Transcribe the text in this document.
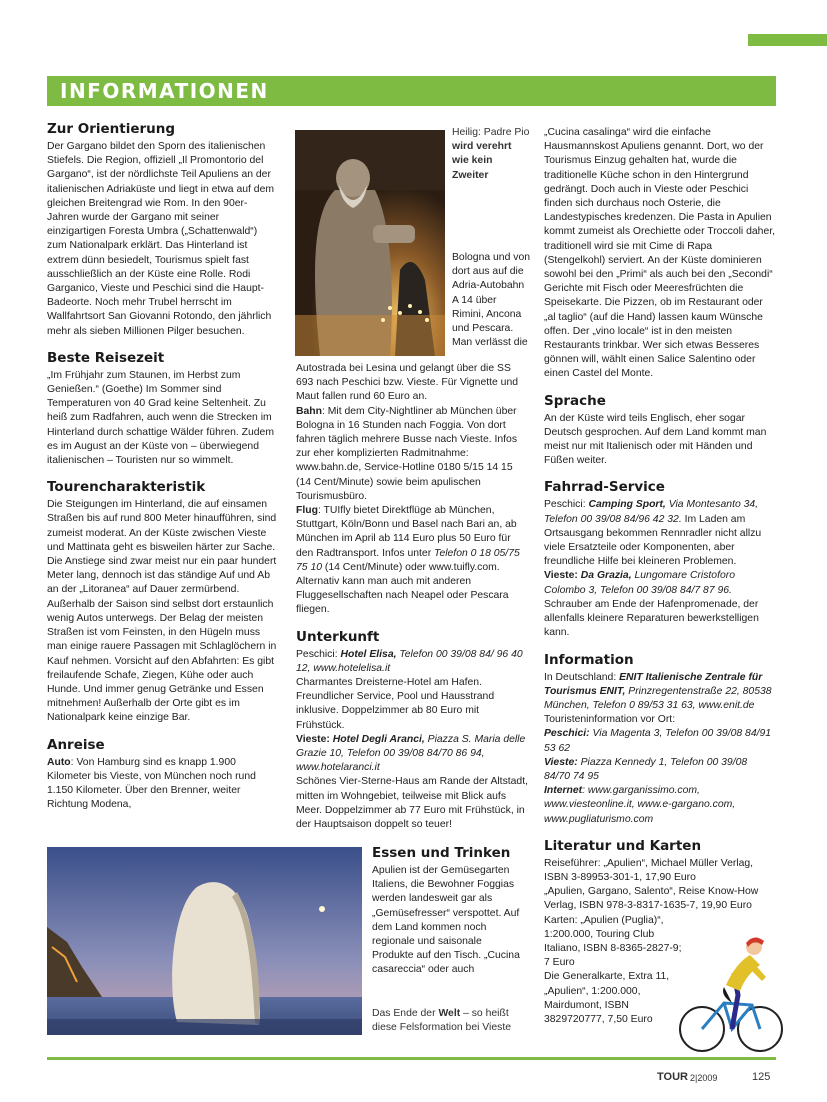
INFORMATIONEN
Zur Orientierung

Der Gargano bildet den Sporn des italienischen Stiefels. Die Region, offiziell „Il Promontorio del Gargano“, ist der nördlichste Teil Apuliens an der italienischen Adriaküste und liegt in etwa auf dem gleichen Breitengrad wie Rom. In den 90er-Jahren wurde der Gargano mit seiner einzigartigen Foresta Umbra („Schattenwald“) zum Nationalpark erklärt. Das Hinterland ist extrem dünn besiedelt, Tourismus spielt fast ausschließlich an der Küste eine Rolle. Rodi Garganico, Vieste und Peschici sind die Haupt-Badeorte. Noch mehr Trubel herrscht im Wallfahrtsort San Giovanni Rotondo, den jährlich mehr als sieben Millionen Pilger besuchen.

Beste Reisezeit

„Im Frühjahr zum Staunen, im Herbst zum Genießen.“ (Goethe) Im Sommer sind Temperaturen von 40 Grad keine Seltenheit. Zu heiß zum Radfahren, auch wenn die Strecken im Hinterland durch schattige Wälder führen. Zudem es im August an der Küste von – überwiegend italienischen – Touristen nur so wimmelt.

Tourencharakteristik

Die Steigungen im Hinterland, die auf einsamen Straßen bis auf rund 800 Meter hinaufführen, sind zumeist moderat. An der Küste zwischen Vieste und Mattinata geht es bisweilen härter zur Sache. Die Anstiege sind zwar meist nur ein paar hundert Meter lang, dennoch ist das ständige Auf und Ab an der „Litoranea“ auf Dauer zermürbend. Außerhalb der Saison sind selbst dort erstaunlich wenig Autos unterwegs. Der Belag der meisten Straßen ist vom Feinsten, in den Hügeln muss man einige rauere Passagen mit Schlaglöchern in Kauf nehmen. Vorsicht auf den Abfahrten: Es gibt freilaufende Schafe, Ziegen, Kühe oder auch Hunde. Und immer genug Getränke und Essen mitnehmen! Außerhalb der Orte gibt es im Nationalpark keine einzige Bar.

Anreise

Auto: Von Hamburg sind es knapp 1.900 Kilometer bis Vieste, von München noch rund 1.150 Kilometer. Über den Brenner, weiter Richtung Modena,

Heilig: Padre Pio wird verehrt wie kein Zweiter

Bologna und von dort aus auf die Adria-Autobahn A 14 über Rimini, Ancona und Pescara. Man verlässt die

Autostrada bei Lesina und gelangt über die SS 693 nach Peschici bzw. Vieste. Für Vignette und Maut fallen rund 60 Euro an.

Bahn: Mit dem City-Nightliner ab München über Bologna in 16 Stunden nach Foggia. Von dort fahren täglich mehrere Busse nach Vieste. Infos zur eher komplizierten Radmitnahme: www.bahn.de, Service-Hotline 0180 5/15 14 15 (14 Cent/Minute) sowie beim apulischen Tourismusbüro.

Flug: TUIfly bietet Direktflüge ab München, Stuttgart, Köln/Bonn und Basel nach Bari an, ab München im April ab 114 Euro plus 50 Euro für den Radtransport. Infos unter Telefon 0 18 05/75 75 10 (14 Cent/Minute) oder www.tuifly.com. Alternativ kann man auch mit anderen Fluggesellschaften nach Neapel oder Pescara fliegen.

Unterkunft

Peschici: Hotel Elisa, Telefon 00 39/08 84/ 96 40 12, www.hotelelisa.it

Charmantes Dreisterne-Hotel am Hafen. Freundlicher Service, Pool und Hausstrand inklusive. Doppelzimmer ab 80 Euro mit Frühstück.

Vieste: Hotel Degli Aranci, Piazza S. Maria delle Grazie 10, Telefon 00 39/08 84/70 86 94, www.hotelaranci.it

Schönes Vier-Sterne-Haus am Rande der Altstadt, mitten im Wohngebiet, teilweise mit Blick aufs Meer. Doppelzimmer ab 77 Euro mit Frühstück, in der Hauptsaison doppelt so teuer!

„Cucina casalinga“ wird die einfache Hausmannskost Apuliens genannt. Dort, wo der Tourismus Einzug gehalten hat, wurde die traditionelle Küche schon in den Hintergrund gedrängt. Doch auch in Vieste oder Peschici finden sich durchaus noch Osterie, die Landestypisches kredenzen. Die Pasta in Apulien kommt zumeist als Orechiette oder Troccoli daher, traditionell wird sie mit Cime di Rapa (Stengelkohl) serviert. An der Küste dominieren sowohl bei den „Primi“ als auch bei den „Secondi“ Gerichte mit Fisch oder Meeresfrüchten die Speisekarte. Die Pizzen, ob im Restaurant oder „al taglio“ (auf die Hand) lassen kaum Wünsche offen. Der „vino locale“ ist in den meisten Restaurants trinkbar. Wer sich etwas Besseres gönnen will, wählt einen Salice Salentino oder einen Castel del Monte.

Sprache

An der Küste wird teils Englisch, eher sogar Deutsch gesprochen. Auf dem Land kommt man meist nur mit Italienisch oder mit Händen und Füßen weiter.

Fahrrad-Service

Peschici: Camping Sport, Via Montesanto 34, Telefon 00 39/08 84/96 42 32. Im Laden am Ortsausgang bekommen Rennradler nicht allzu viele Ersatzteile oder Komponenten, aber freundliche Hilfe bei kleineren Problemen.

Vieste: Da Grazia, Lungomare Cristoforo Colombo 3, Telefon 00 39/08 84/7 87 96. Schrauber am Ende der Hafenpromenade, der allenfalls kleinere Reparaturen bewerkstelligen kann.

Information

In Deutschland: ENIT Italienische Zentrale für Tourismus ENIT, Prinzregentenstraße 22, 80538 München, Telefon 0 89/53 31 63, www.enit.de

Touristeninformation vor Ort:

Peschici: Via Magenta 3, Telefon 00 39/08 84/91 53 62

Vieste: Piazza Kennedy 1, Telefon 00 39/08 84/70 74 95

Internet: www.garganissimo.com, www.viesteonline.it, www.e-gargano.com, www.pugliaturismo.com

Literatur und Karten

Reiseführer: „Apulien“, Michael Müller Verlag, ISBN 3-89953-301-1, 17,90 Euro

„Apulien, Gargano, Salento“, Reise Know-How Verlag, ISBN 978-3-8317-1635-7, 19,90 Euro

Karten: „Apulien (Puglia)“, 1:200.000, Touring Club Italiano, ISBN 8-8365-2827-9; 7 Euro

Die Generalkarte, Extra 11, „Apulien“, 1:200.000, Mairdumont, ISBN 3829720777, 7,50 Euro

Essen und Trinken

Apulien ist der Gemüsegarten Italiens, die Bewohner Foggias werden landesweit gar als „Gemüsefresser“ verspottet. Auf dem Land kommen noch regionale und saisonale Produkte auf den Tisch. „Cucina casareccia“ oder auch

Das Ende der Welt – so heißt diese Felsformation bei Vieste

TOUR 2|2009	125
